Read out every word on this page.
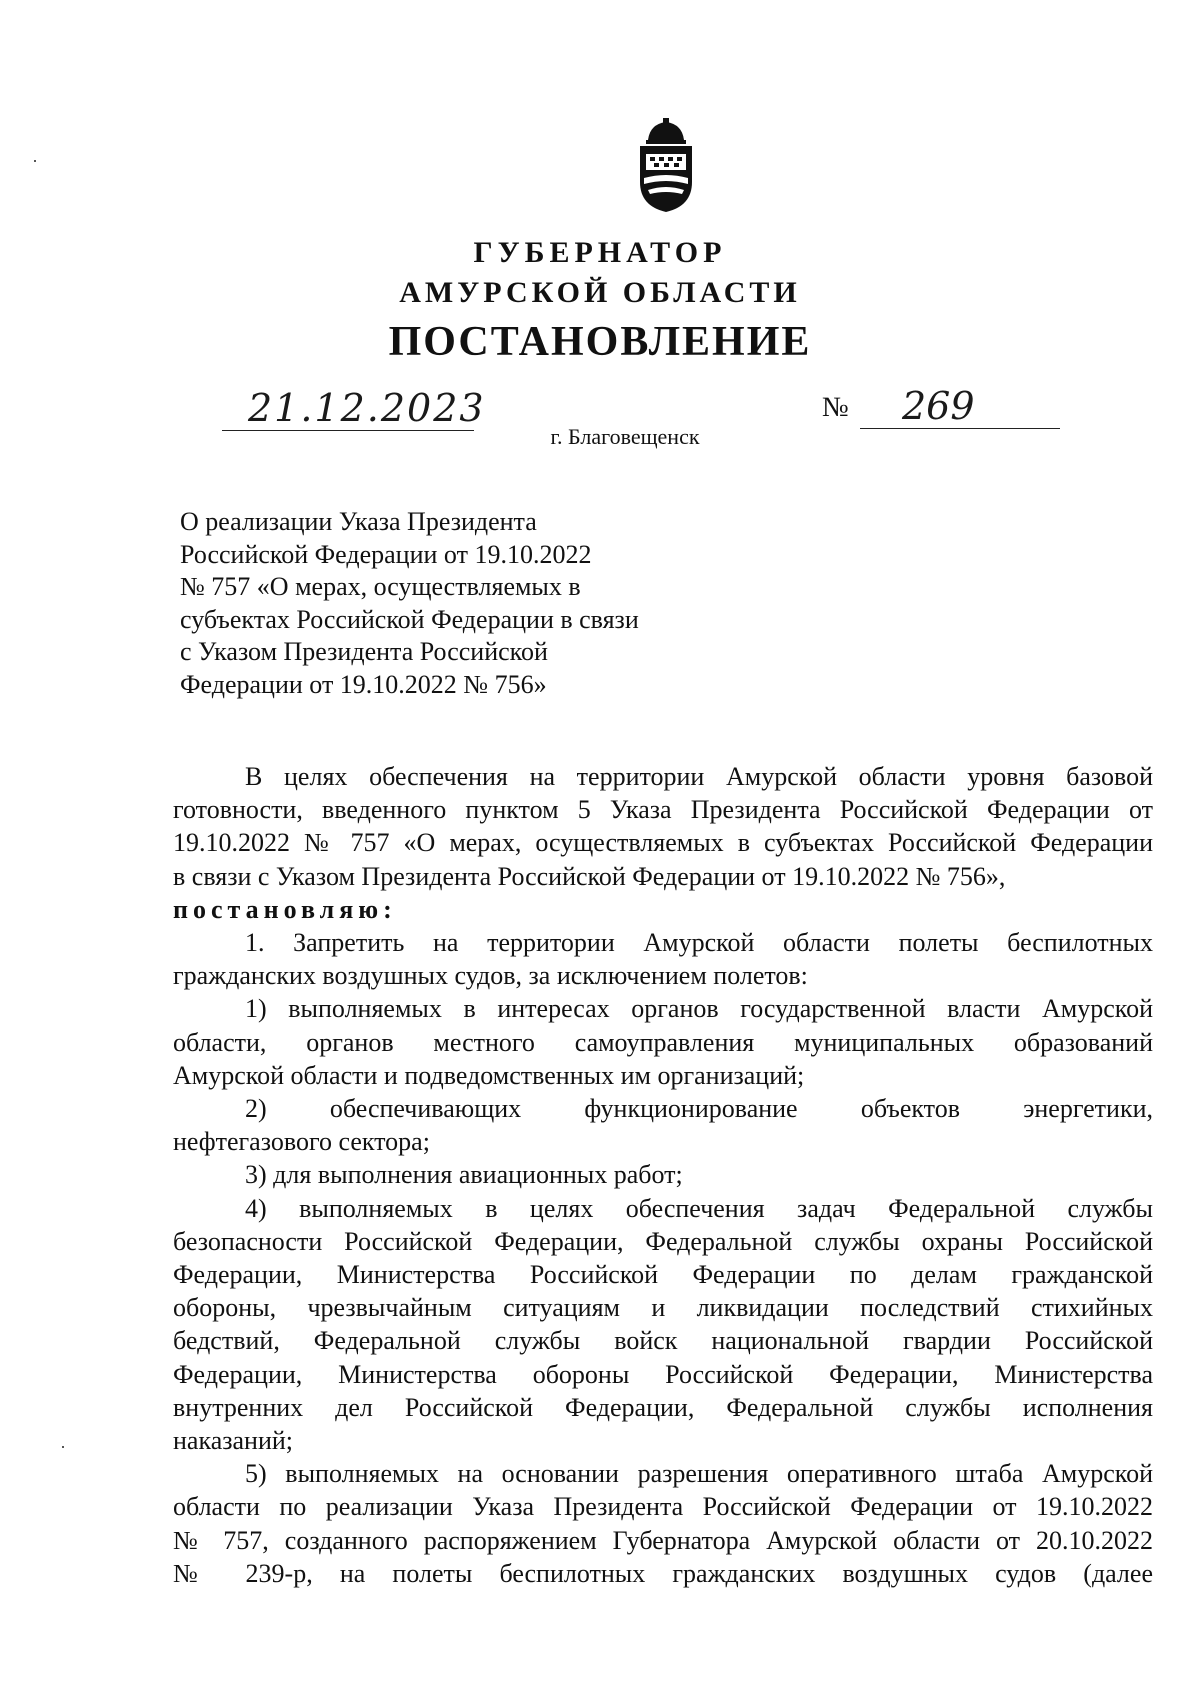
ГУБЕРНАТОР
АМУРСКОЙ ОБЛАСТИ
ПОСТАНОВЛЕНИЕ
21.12.2023	№ 269
г. Благовещенск
О реализации Указа Президента
Российской Федерации от 19.10.2022
№ 757 «О мерах, осуществляемых в
субъектах Российской Федерации в связи
с Указом Президента Российской
Федерации от 19.10.2022 № 756»
В целях обеспечения на территории Амурской области уровня базовой
готовности, введенного пунктом 5 Указа Президента Российской Федерации от
19.10.2022 № 757 «О мерах, осуществляемых в субъектах Российской Федерации
в связи с Указом Президента Российской Федерации от 19.10.2022 № 756»,
постановляю:
1. Запретить на территории Амурской области полеты беспилотных
гражданских воздушных судов, за исключением полетов:
1) выполняемых в интересах органов государственной власти Амурской
области, органов местного самоуправления муниципальных образований
Амурской области и подведомственных им организаций;
2) обеспечивающих функционирование объектов энергетики,
нефтегазового сектора;
3) для выполнения авиационных работ;
4) выполняемых в целях обеспечения задач Федеральной службы
безопасности Российской Федерации, Федеральной службы охраны Российской
Федерации, Министерства Российской Федерации по делам гражданской
обороны, чрезвычайным ситуациям и ликвидации последствий стихийных
бедствий, Федеральной службы войск национальной гвардии Российской
Федерации, Министерства обороны Российской Федерации, Министерства
внутренних дел Российской Федерации, Федеральной службы исполнения
наказаний;
5) выполняемых на основании разрешения оперативного штаба Амурской
области по реализации Указа Президента Российской Федерации от 19.10.2022
№ 757, созданного распоряжением Губернатора Амурской области от 20.10.2022
№ 239-р, на полеты беспилотных гражданских воздушных судов (далее
